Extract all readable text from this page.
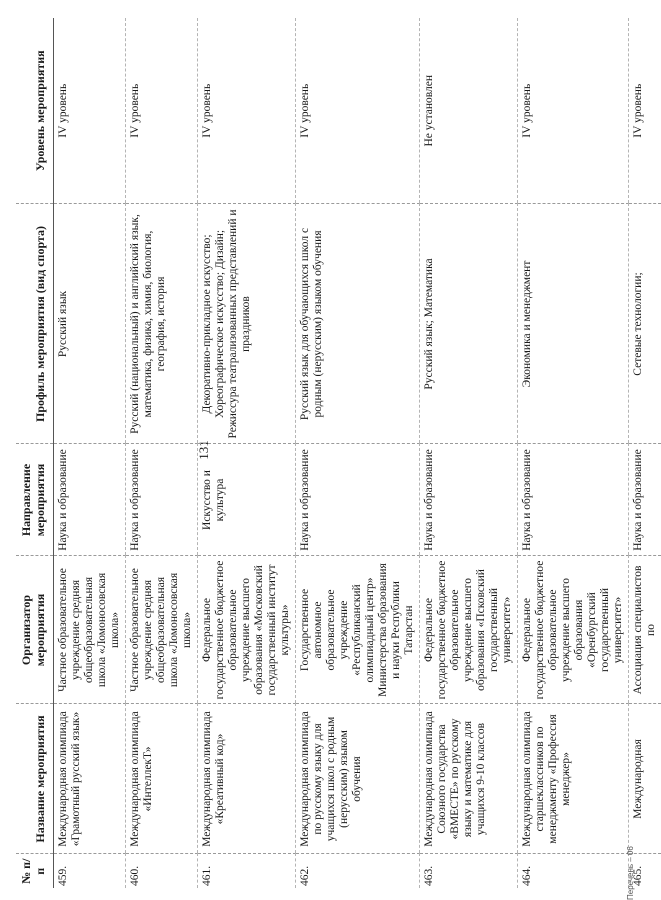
131
№ п/п	Название мероприятия	Организатор мероприятия	Направление мероприятия	Профиль мероприятия (вид спорта)	Уровень мероприятия
459.	Международная олимпиада «Грамотный русский язык»	Частное образовательное учреждение средняя общеобразовательная школа «Ломоносовская школа»	Наука и образование	Русский язык	IV уровень
460.	Международная олимпиада «ИнтеллекТ»	Частное образовательное учреждение средняя общеобразовательная школа «Ломоносовская школа»	Наука и образование	Русский (национальный) и английский язык, математика, физика, химия, биология, география, история	IV уровень
461.	Международная олимпиада «Креативный код»	Федеральное государственное бюджетное образовательное учреждение высшего образования «Московский государственный институт культуры»	Искусство и культура	Декоративно-прикладное искусство; Хореографическое искусство; Дизайн; Режиссура театрализованных представлений и праздников	IV уровень
462.	Международная олимпиада по русскому языку для учащихся школ с родным (нерусским) языком обучения	Государственное автономное образовательное учреждение «Республиканский олимпиадный центр» Министерства образования и науки Республики Татарстан	Наука и образование	Русский язык для обучающихся школ с родным (нерусским) языком обучения	IV уровень
463.	Международная олимпиада Союзного государства «ВМЕСТЕ» по русскому языку и математике для учащихся 9-10 классов	Федеральное государственное бюджетное образовательное учреждение высшего образования «Псковский государственный университет»	Наука и образование	Русский язык; Математика	Не установлен
464.	Международная олимпиада старшеклассников по менеджменту «Профессия менеджер»	Федеральное государственное бюджетное образовательное учреждение высшего образования «Оренбургский государственный университет»	Наука и образование	Экономика и менеджмент	IV уровень
465.	Международная	Ассоциация специалистов по	Наука и образование	Сетевые технологии;	IV уровень
Перечень – 06
